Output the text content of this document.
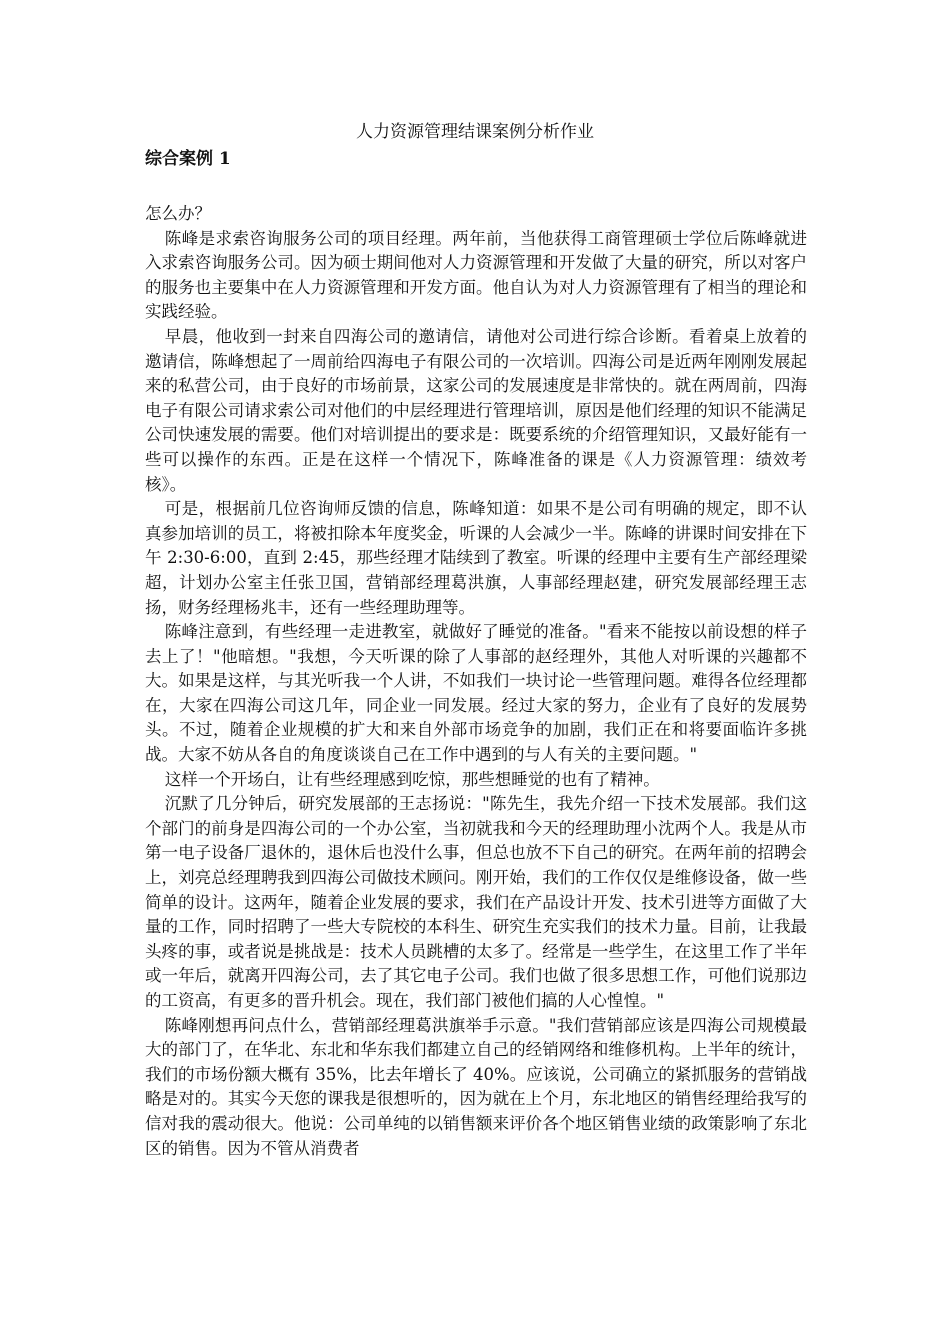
人力资源管理结课案例分析作业
综合案例 1

怎么办？

陈峰是求索咨询服务公司的项目经理。两年前，当他获得工商管理硕士学位后陈峰就进入求索咨询服务公司。因为硕士期间他对人力资源管理和开发做了大量的研究，所以对客户的服务也主要集中在人力资源管理和开发方面。他自认为对人力资源管理有了相当的理论和实践经验。

早晨，他收到一封来自四海公司的邀请信，请他对公司进行综合诊断。看着桌上放着的邀请信，陈峰想起了一周前给四海电子有限公司的一次培训。四海公司是近两年刚刚发展起来的私营公司，由于良好的市场前景，这家公司的发展速度是非常快的。就在两周前，四海电子有限公司请求索公司对他们的中层经理进行管理培训，原因是他们经理的知识不能满足公司快速发展的需要。他们对培训提出的要求是：既要系统的介绍管理知识，又最好能有一些可以操作的东西。正是在这样一个情况下，陈峰准备的课是《人力资源管理：绩效考核》。

可是，根据前几位咨询师反馈的信息，陈峰知道：如果不是公司有明确的规定，即不认真参加培训的员工，将被扣除本年度奖金，听课的人会减少一半。陈峰的讲课时间安排在下午 2:30-6:00，直到 2:45，那些经理才陆续到了教室。听课的经理中主要有生产部经理梁超，计划办公室主任张卫国，营销部经理葛洪旗，人事部经理赵建，研究发展部经理王志扬，财务经理杨兆丰，还有一些经理助理等。

陈峰注意到，有些经理一走进教室，就做好了睡觉的准备。"看来不能按以前设想的样子去上了！"他暗想。"我想，今天听课的除了人事部的赵经理外，其他人对听课的兴趣都不大。如果是这样，与其光听我一个人讲，不如我们一块讨论一些管理问题。难得各位经理都在，大家在四海公司这几年，同企业一同发展。经过大家的努力，企业有了良好的发展势头。不过，随着企业规模的扩大和来自外部市场竞争的加剧，我们正在和将要面临许多挑战。大家不妨从各自的角度谈谈自己在工作中遇到的与人有关的主要问题。"

这样一个开场白，让有些经理感到吃惊，那些想睡觉的也有了精神。

沉默了几分钟后，研究发展部的王志扬说："陈先生，我先介绍一下技术发展部。我们这个部门的前身是四海公司的一个办公室，当初就我和今天的经理助理小沈两个人。我是从市第一电子设备厂退休的，退休后也没什么事，但总也放不下自己的研究。在两年前的招聘会上，刘亮总经理聘我到四海公司做技术顾问。刚开始，我们的工作仅仅是维修设备，做一些简单的设计。这两年，随着企业发展的要求，我们在产品设计开发、技术引进等方面做了大量的工作，同时招聘了一些大专院校的本科生、研究生充实我们的技术力量。目前，让我最头疼的事，或者说是挑战是：技术人员跳槽的太多了。经常是一些学生，在这里工作了半年或一年后，就离开四海公司，去了其它电子公司。我们也做了很多思想工作，可他们说那边的工资高，有更多的晋升机会。现在，我们部门被他们搞的人心惶惶。"

陈峰刚想再问点什么，营销部经理葛洪旗举手示意。"我们营销部应该是四海公司规模最大的部门了，在华北、东北和华东我们都建立自己的经销网络和维修机构。上半年的统计，我们的市场份额大概有 35%，比去年增长了 40%。应该说，公司确立的紧抓服务的营销战略是对的。其实今天您的课我是很想听的，因为就在上个月，东北地区的销售经理给我写的信对我的震动很大。他说：公司单纯的以销售额来评价各个地区销售业绩的政策影响了东北区的销售。因为不管从消费者
